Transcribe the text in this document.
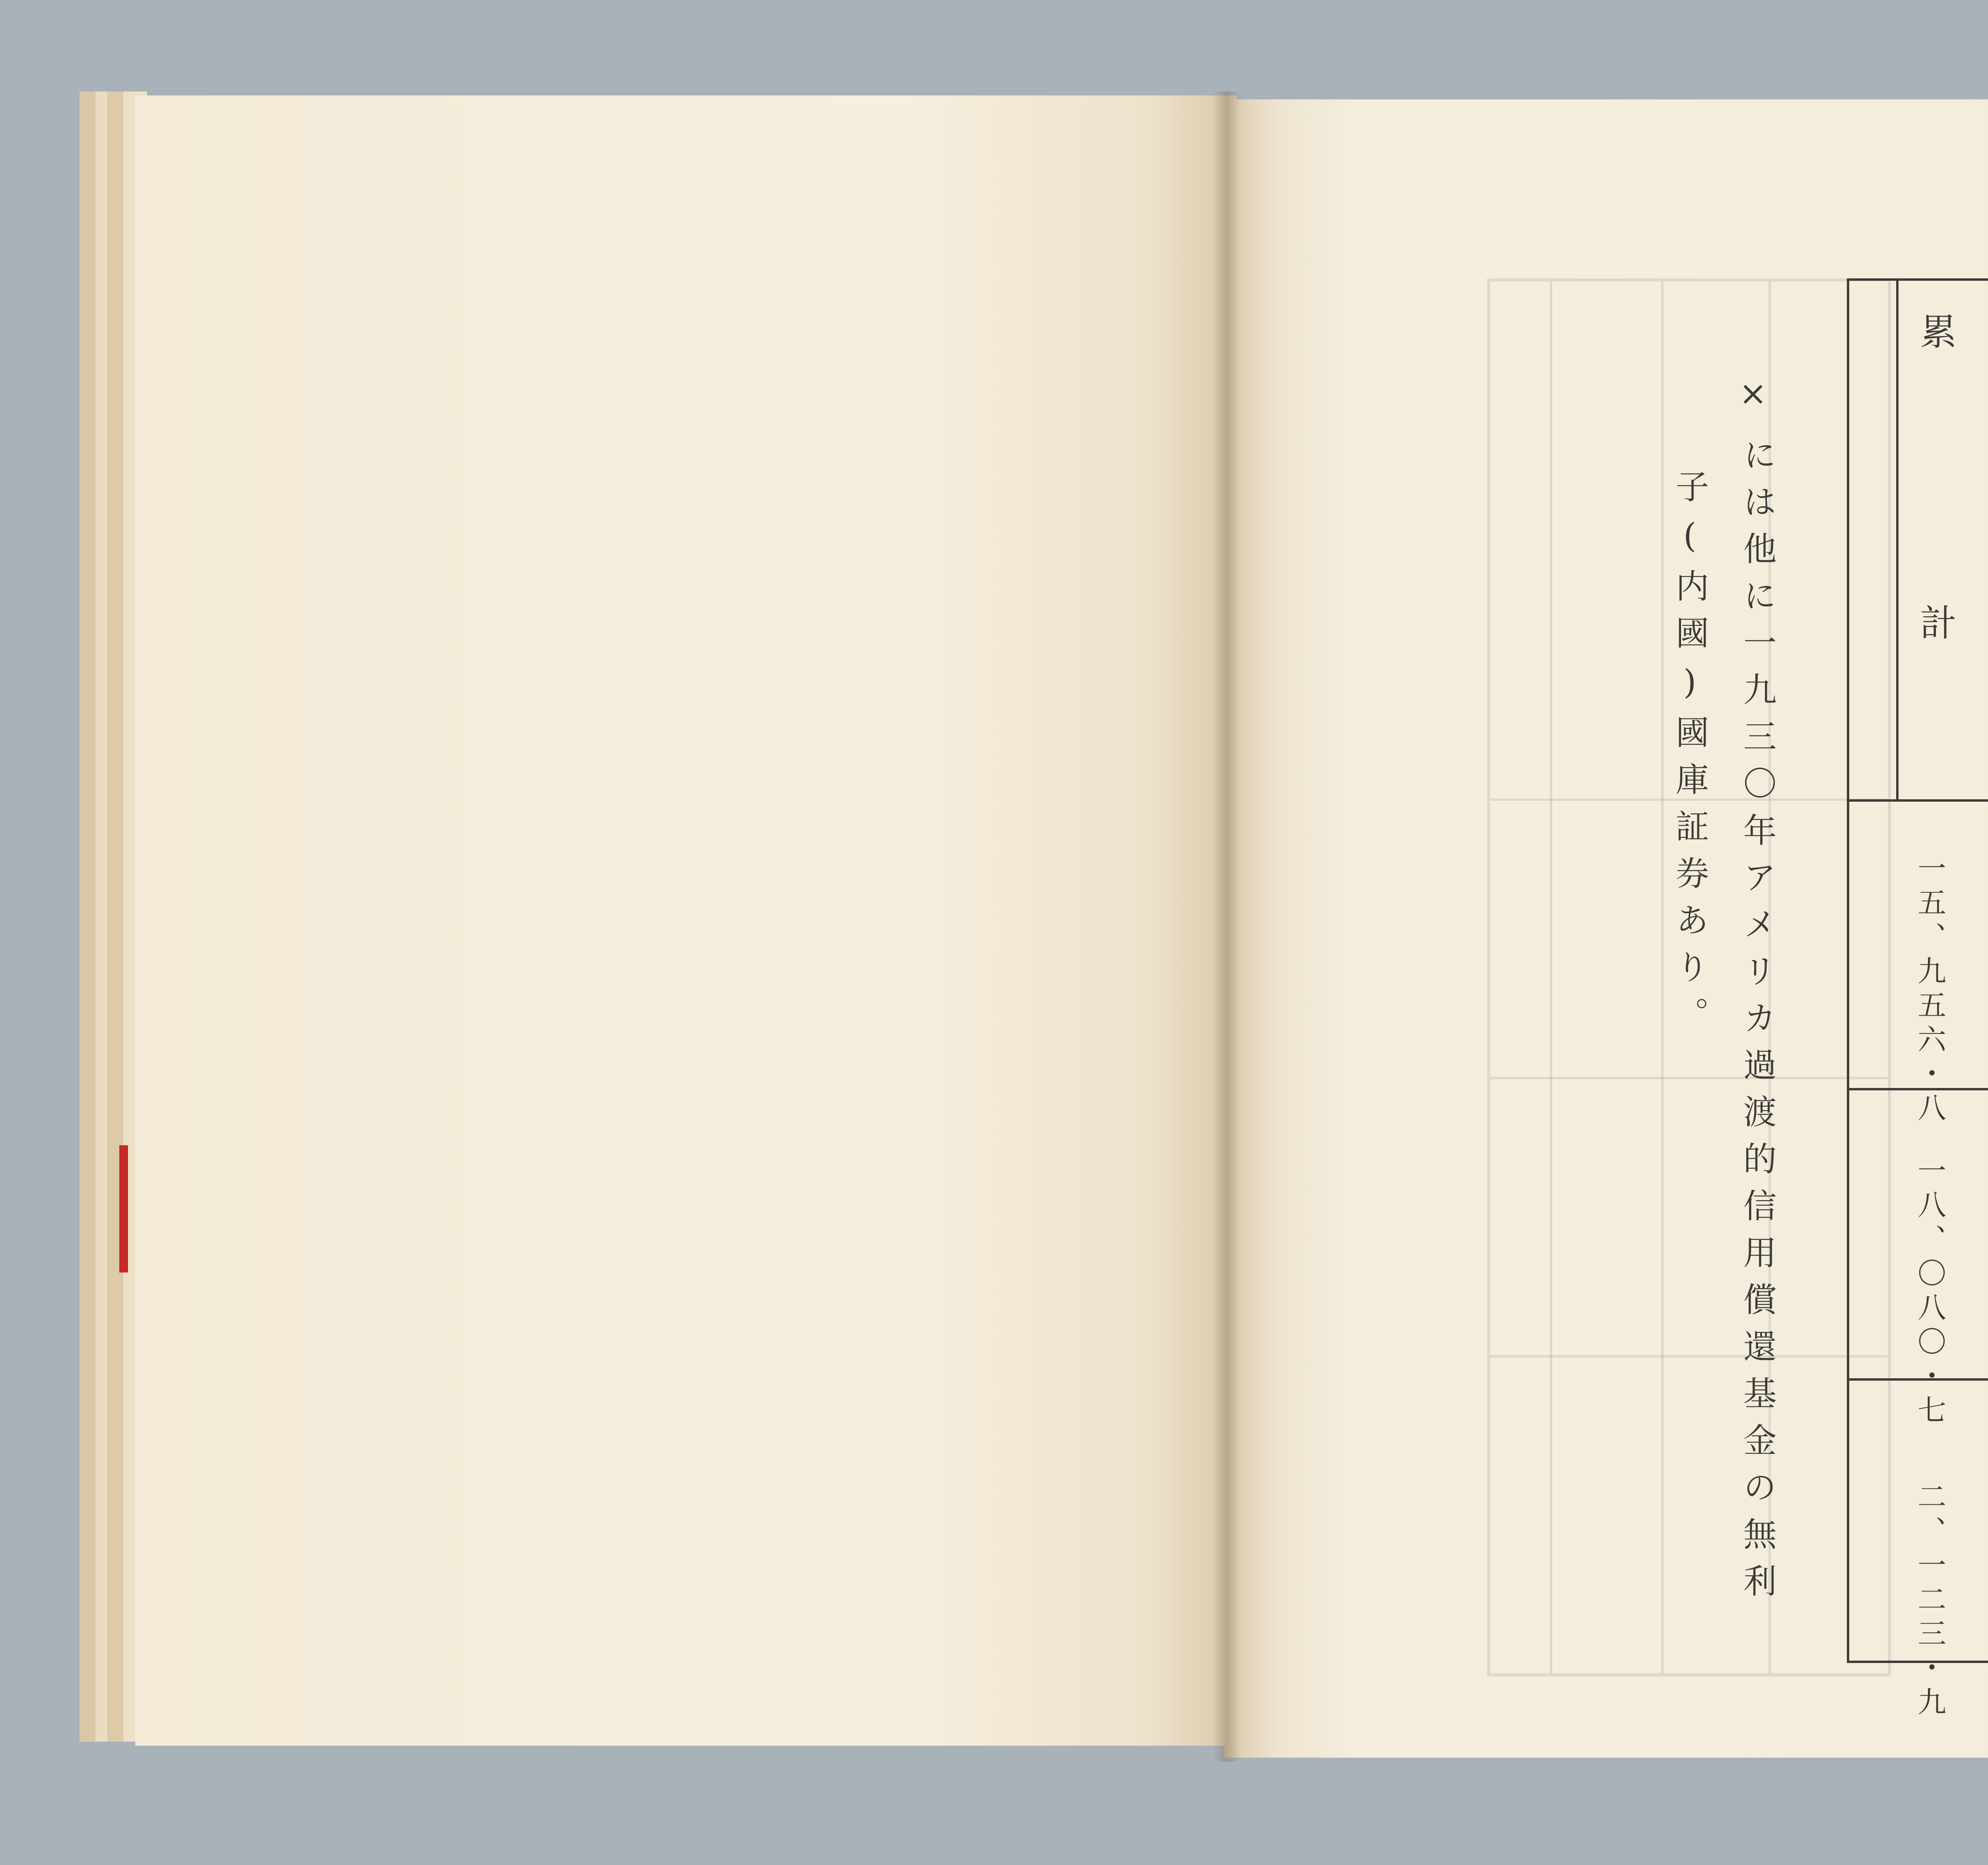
累計
一五、九五六・八
一八、〇八〇・七
二、一二三・九
×
には他に一九三〇年アメリカ過渡的信用償還基金の無利
子(内國)國庫証券あり。
